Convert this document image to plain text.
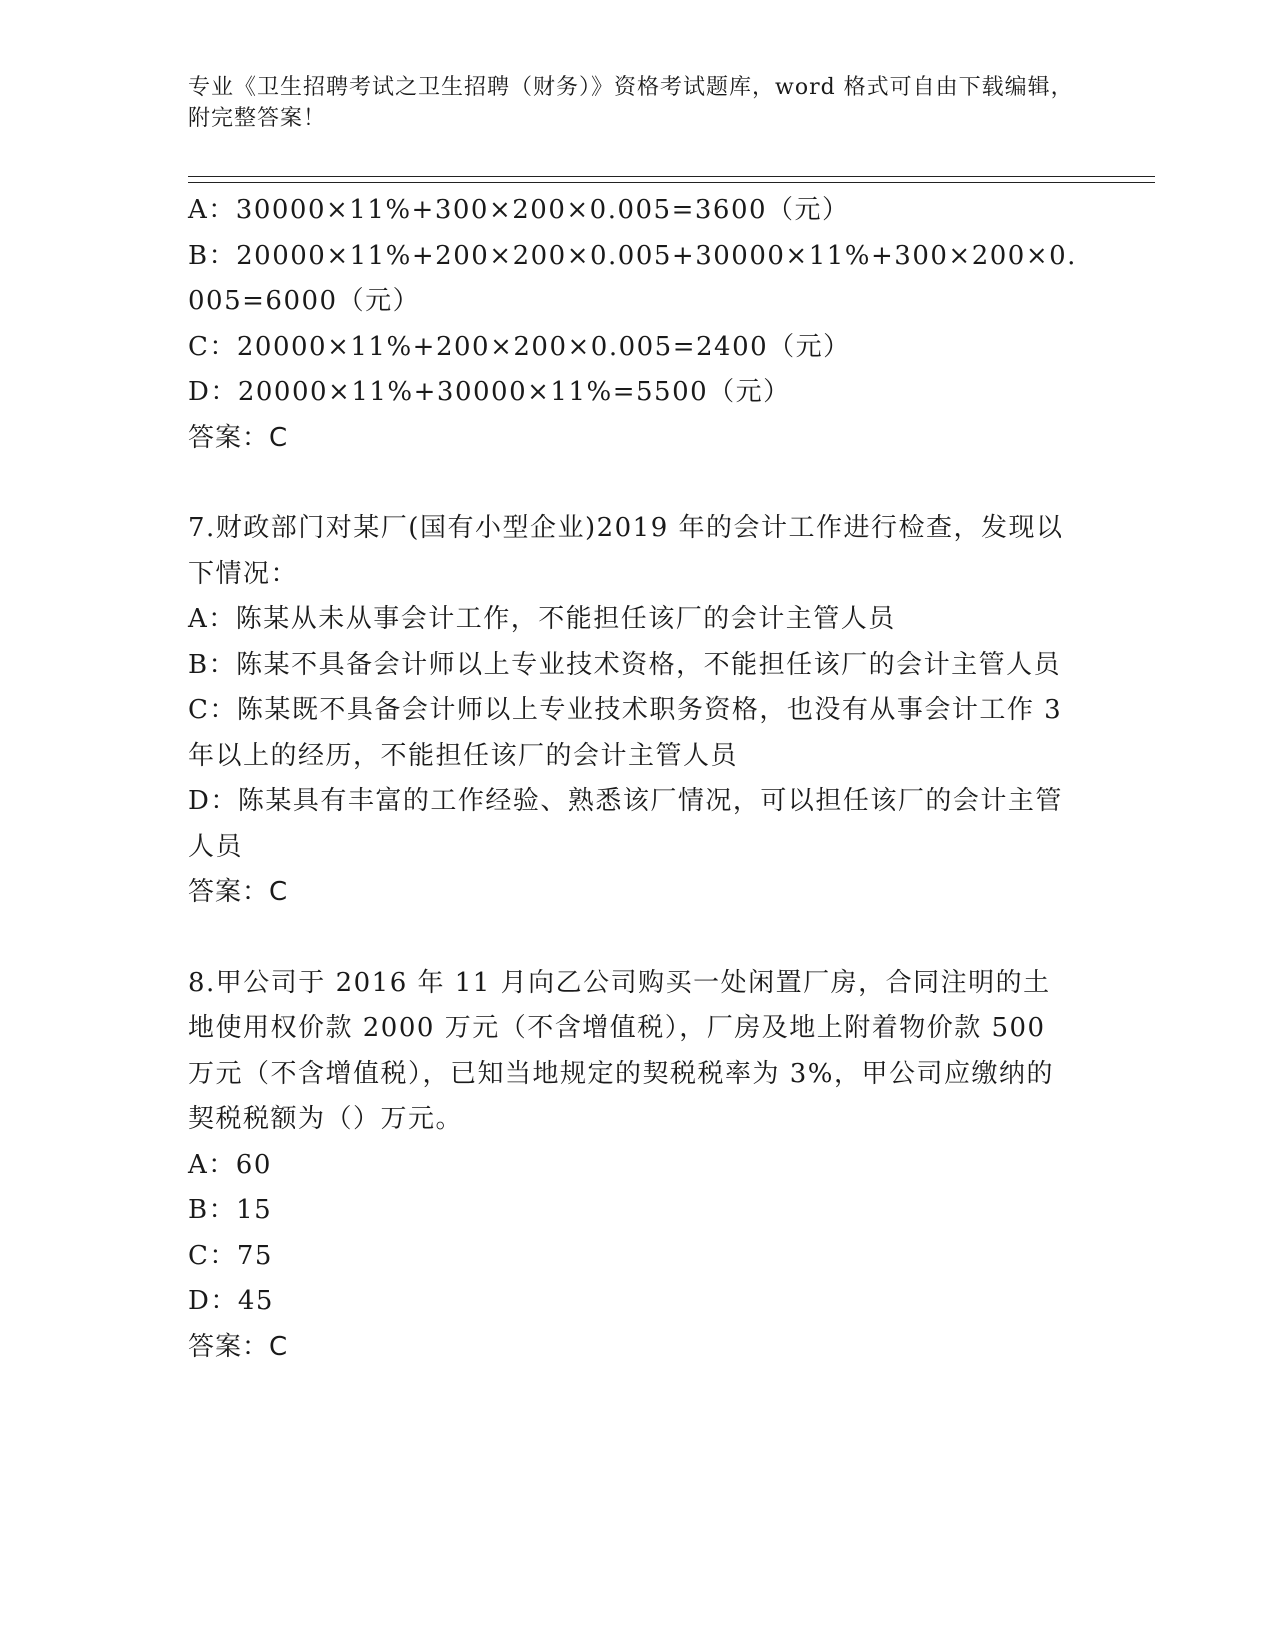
专业《卫生招聘考试之卫生招聘（财务）》资格考试题库，word 格式可自由下载编辑，附完整答案！
A：30000×11%+300×200×0.005=3600（元）
B：20000×11%+200×200×0.005+30000×11%+300×200×0.005=6000（元）
C：20000×11%+200×200×0.005=2400（元）
D：20000×11%+30000×11%=5500（元）
答案：C
7.财政部门对某厂(国有小型企业)2019 年的会计工作进行检查，发现以下情况：
A：陈某从未从事会计工作，不能担任该厂的会计主管人员
B：陈某不具备会计师以上专业技术资格，不能担任该厂的会计主管人员
C：陈某既不具备会计师以上专业技术职务资格，也没有从事会计工作 3 年以上的经历，不能担任该厂的会计主管人员
D：陈某具有丰富的工作经验、熟悉该厂情况，可以担任该厂的会计主管人员
答案：C
8.甲公司于 2016 年 11 月向乙公司购买一处闲置厂房，合同注明的土地使用权价款 2000 万元（不含增值税），厂房及地上附着物价款 500 万元（不含增值税），已知当地规定的契税税率为 3%，甲公司应缴纳的契税税额为（）万元。
A：60
B：15
C：75
D：45
答案：C
